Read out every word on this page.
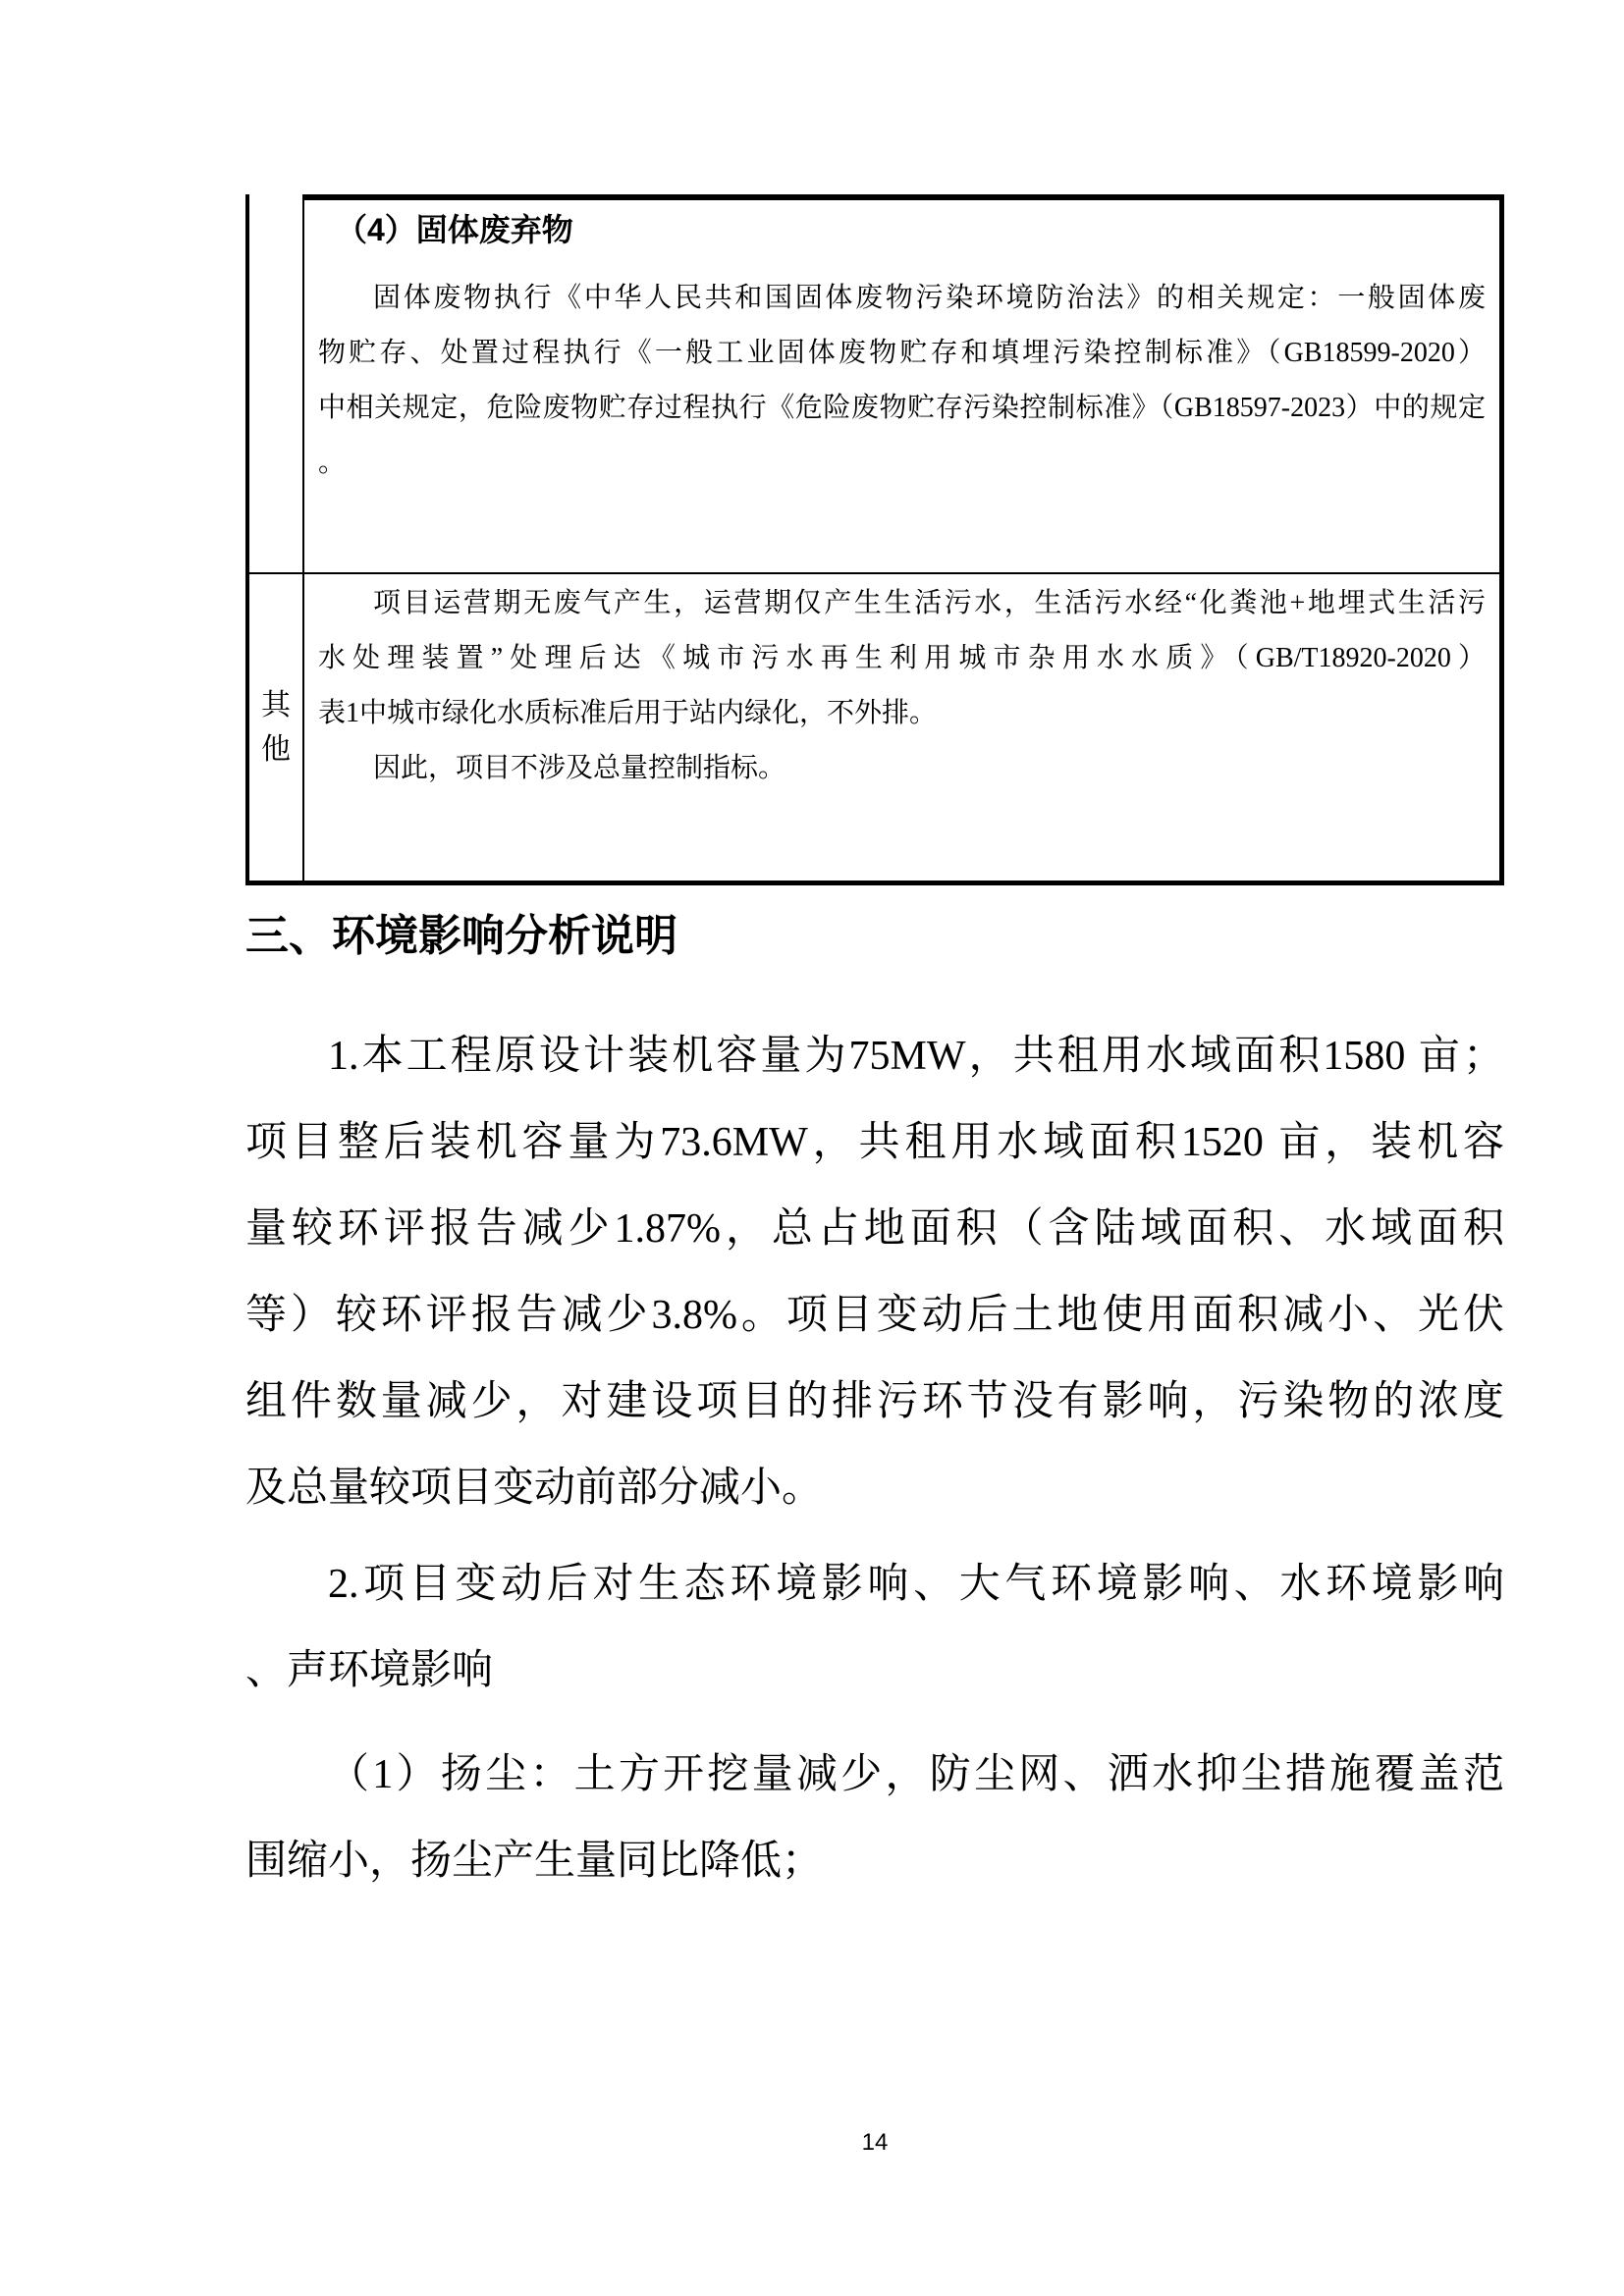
（4）固体废弃物
固体废物执行《中华人民共和国固体废物污染环境防治法》的相关规定：一般固体废
物贮存、处置过程执行《一般工业固体废物贮存和填埋污染控制标准》（GB18599-2020）
中相关规定，危险废物贮存过程执行《危险废物贮存污染控制标准》（GB18597-2023）中的规定
。
其他
项目运营期无废气产生，运营期仅产生生活污水，生活污水经“化粪池+地埋式生活污
水处理装置”处理后达《城市污水再生利用城市杂用水水质》（GB/T18920-2020）
表1中城市绿化水质标准后用于站内绿化，不外排。
因此，项目不涉及总量控制指标。
三、环境影响分析说明
1.本工程原设计装机容量为75MW，共租用水域面积1580 亩；
项目整后装机容量为73.6MW，共租用水域面积1520 亩，装机容
量较环评报告减少1.87%，总占地面积（含陆域面积、水域面积
等）较环评报告减少3.8%。项目变动后土地使用面积减小、光伏
组件数量减少，对建设项目的排污环节没有影响，污染物的浓度
及总量较项目变动前部分减小。
2.项目变动后对生态环境影响、大气环境影响、水环境影响
、声环境影响
（1）扬尘：土方开挖量减少，防尘网、洒水抑尘措施覆盖范
围缩小，扬尘产生量同比降低；
14
